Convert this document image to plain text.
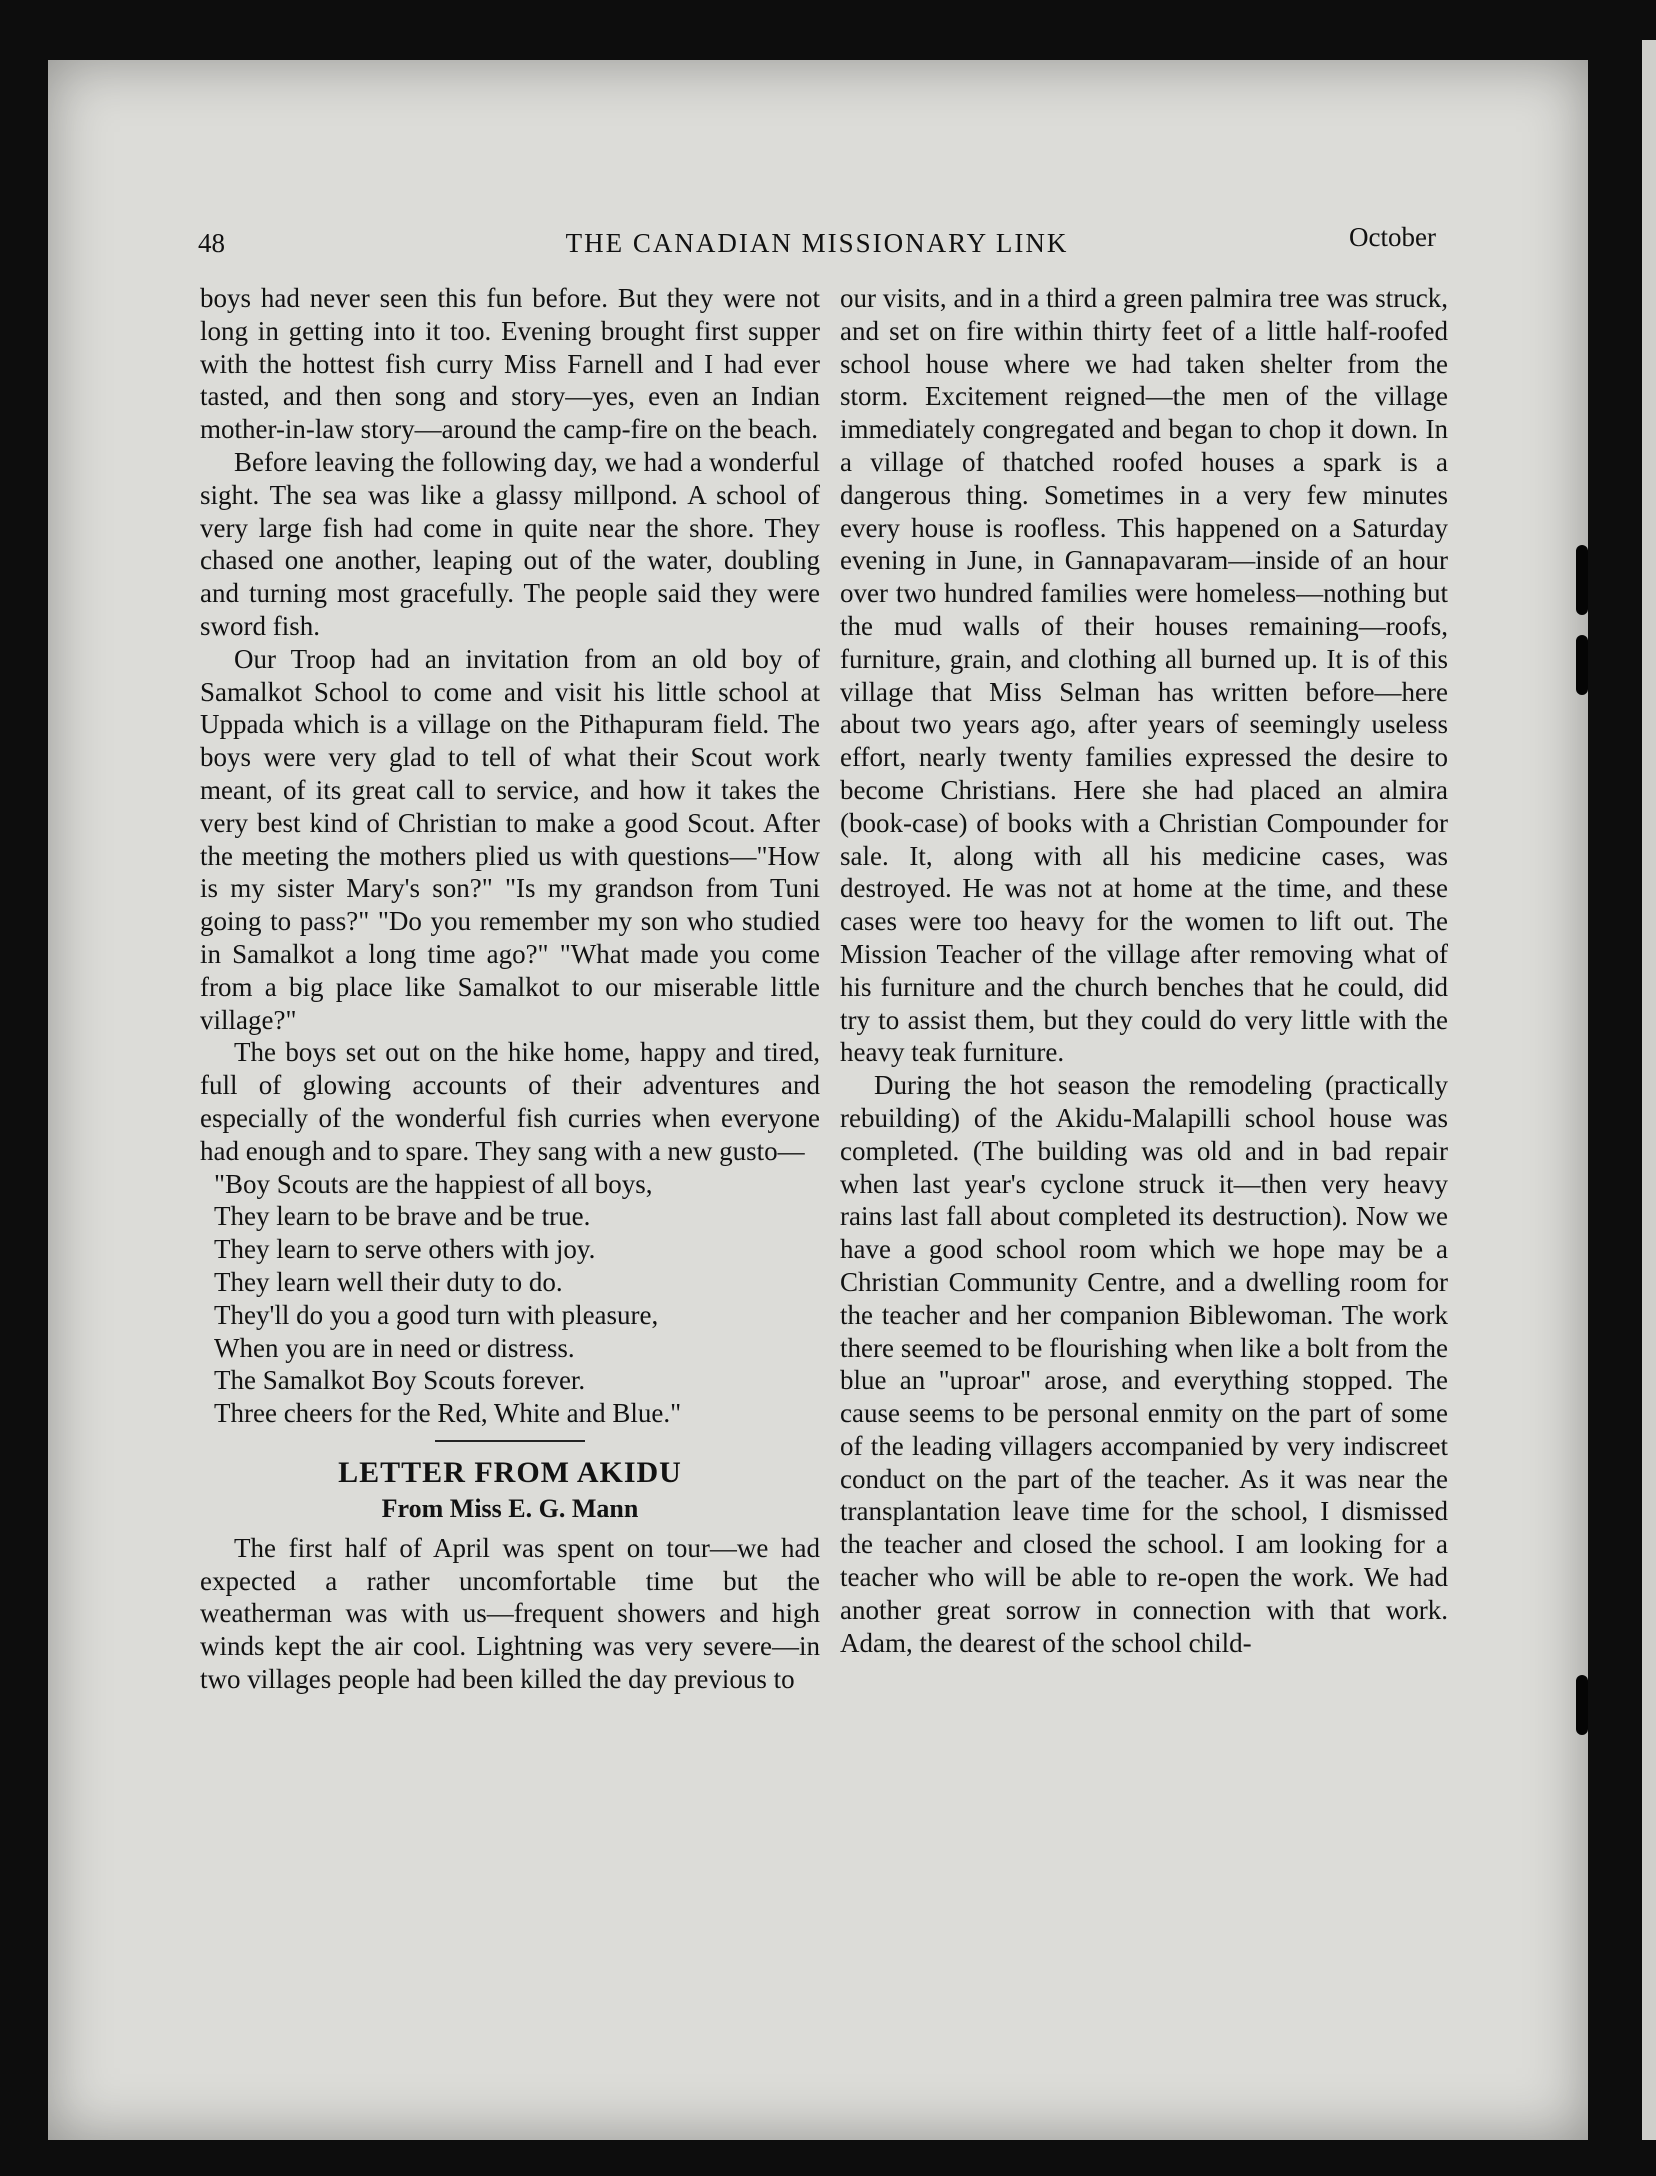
48	THE CANADIAN MISSIONARY LINK	October

boys had never seen this fun before. But they were not long in getting into it too. Evening brought first supper with the hottest fish curry Miss Farnell and I had ever tasted, and then song and story—yes, even an Indian mother-in-law story—around the camp-fire on the beach.

Before leaving the following day, we had a wonderful sight. The sea was like a glassy millpond. A school of very large fish had come in quite near the shore. They chased one another, leaping out of the water, doubling and turning most gracefully. The people said they were sword fish.

Our Troop had an invitation from an old boy of Samalkot School to come and visit his little school at Uppada which is a village on the Pithapuram field. The boys were very glad to tell of what their Scout work meant, of its great call to service, and how it takes the very best kind of Christian to make a good Scout. After the meeting the mothers plied us with questions—"How is my sister Mary's son?" "Is my grandson from Tuni going to pass?" "Do you remember my son who studied in Samalkot a long time ago?" "What made you come from a big place like Samalkot to our miserable little village?"

The boys set out on the hike home, happy and tired, full of glowing accounts of their adventures and especially of the wonderful fish curries when everyone had enough and to spare. They sang with a new gusto—

"Boy Scouts are the happiest of all boys,
They learn to be brave and be true.
They learn to serve others with joy.
They learn well their duty to do.
They'll do you a good turn with pleasure,
When you are in need or distress.
The Samalkot Boy Scouts forever.
Three cheers for the Red, White and Blue."
LETTER FROM AKIDU
From Miss E. G. Mann

The first half of April was spent on tour—we had expected a rather uncomfortable time but the weatherman was with us—frequent showers and high winds kept the air cool. Lightning was very severe—in two villages people had been killed the day previous to

our visits, and in a third a green palmira tree was struck, and set on fire within thirty feet of a little half-roofed school house where we had taken shelter from the storm. Excitement reigned—the men of the village immediately congregated and began to chop it down. In a village of thatched roofed houses a spark is a dangerous thing. Sometimes in a very few minutes every house is roofless. This happened on a Saturday evening in June, in Gannapavaram—inside of an hour over two hundred families were homeless—nothing but the mud walls of their houses remaining—roofs, furniture, grain, and clothing all burned up. It is of this village that Miss Selman has written before—here about two years ago, after years of seemingly useless effort, nearly twenty families expressed the desire to become Christians. Here she had placed an almira (book-case) of books with a Christian Compounder for sale. It, along with all his medicine cases, was destroyed. He was not at home at the time, and these cases were too heavy for the women to lift out. The Mission Teacher of the village after removing what of his furniture and the church benches that he could, did try to assist them, but they could do very little with the heavy teak furniture.

During the hot season the remodeling (practically rebuilding) of the Akidu-Malapilli school house was completed. (The building was old and in bad repair when last year's cyclone struck it—then very heavy rains last fall about completed its destruction). Now we have a good school room which we hope may be a Christian Community Centre, and a dwelling room for the teacher and her companion Biblewoman. The work there seemed to be flourishing when like a bolt from the blue an "uproar" arose, and everything stopped. The cause seems to be personal enmity on the part of some of the leading villagers accompanied by very indiscreet conduct on the part of the teacher. As it was near the transplantation leave time for the school, I dismissed the teacher and closed the school. I am looking for a teacher who will be able to re-open the work. We had another great sorrow in connection with that work. Adam, the dearest of the school child-
